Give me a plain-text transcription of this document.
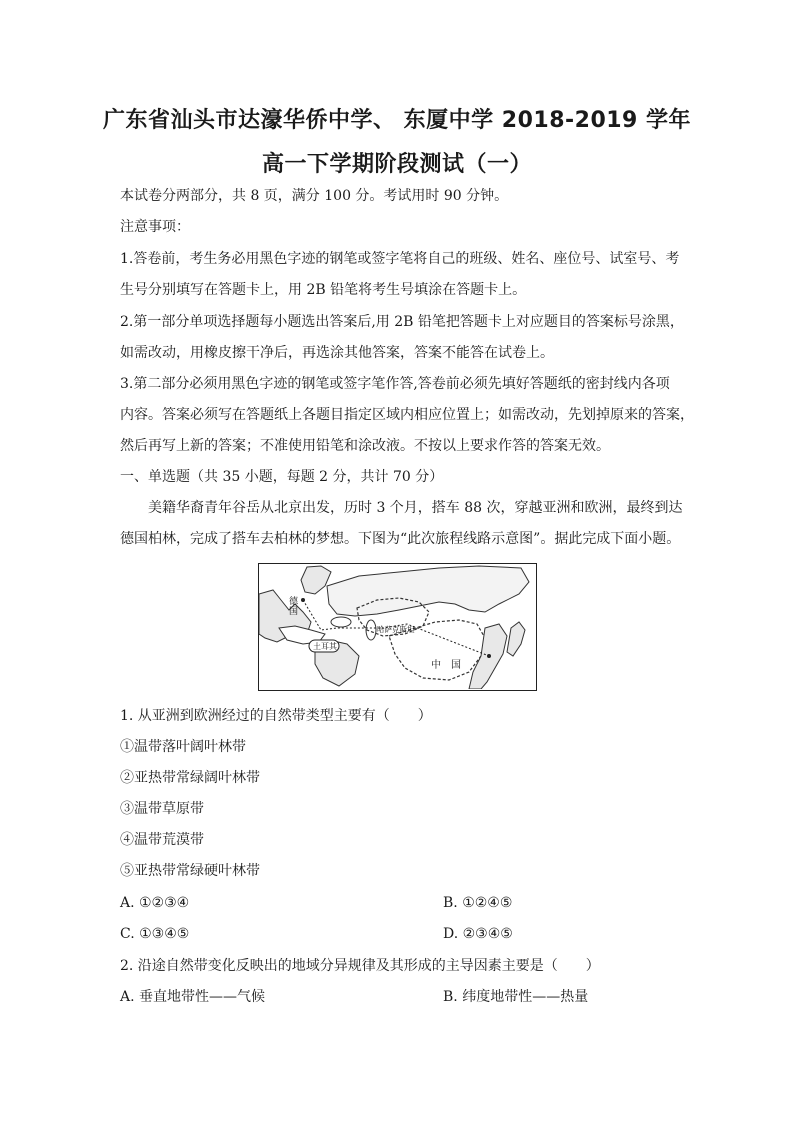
广东省汕头市达濠华侨中学、 东厦中学 2018-2019 学年
高一下学期阶段测试（一）
本试卷分两部分，共 8 页，满分 100 分。考试用时 90 分钟。
注意事项：
1.答卷前，考生务必用黑色字迹的钢笔或签字笔将自己的班级、姓名、座位号、试室号、考
生号分别填写在答题卡上，用 2B 铅笔将考生号填涂在答题卡上。
2.第一部分单项选择题每小题选出答案后,用 2B 铅笔把答题卡上对应题目的答案标号涂黑，
如需改动，用橡皮擦干净后，再选涂其他答案，答案不能答在试卷上。
3.第二部分必须用黑色字迹的钢笔或签字笔作答,答卷前必须先填好答题纸的密封线内各项
内容。答案必须写在答题纸上各题目指定区域内相应位置上；如需改动，先划掉原来的答案，
然后再写上新的答案；不准使用铅笔和涂改液。不按以上要求作答的答案无效。
一、单选题（共 35 小题，每题 2 分，共计 70 分）
美籍华裔青年谷岳从北京出发，历时 3 个月，搭车 88 次，穿越亚洲和欧洲，最终到达
德国柏林，完成了搭车去柏林的梦想。下图为“此次旅程线路示意图”。据此完成下面小题。
德
国
土耳其
哈萨克斯坦
中　国
1. 从亚洲到欧洲经过的自然带类型主要有（　　）
①温带落叶阔叶林带
②亚热带常绿阔叶林带
③温带草原带
④温带荒漠带
⑤亚热带常绿硬叶林带
A. ①②③④	B. ①②④⑤
C. ①③④⑤	D. ②③④⑤
2. 沿途自然带变化反映出的地域分异规律及其形成的主导因素主要是（　　）
A. 垂直地带性——气候	B. 纬度地带性——热量
